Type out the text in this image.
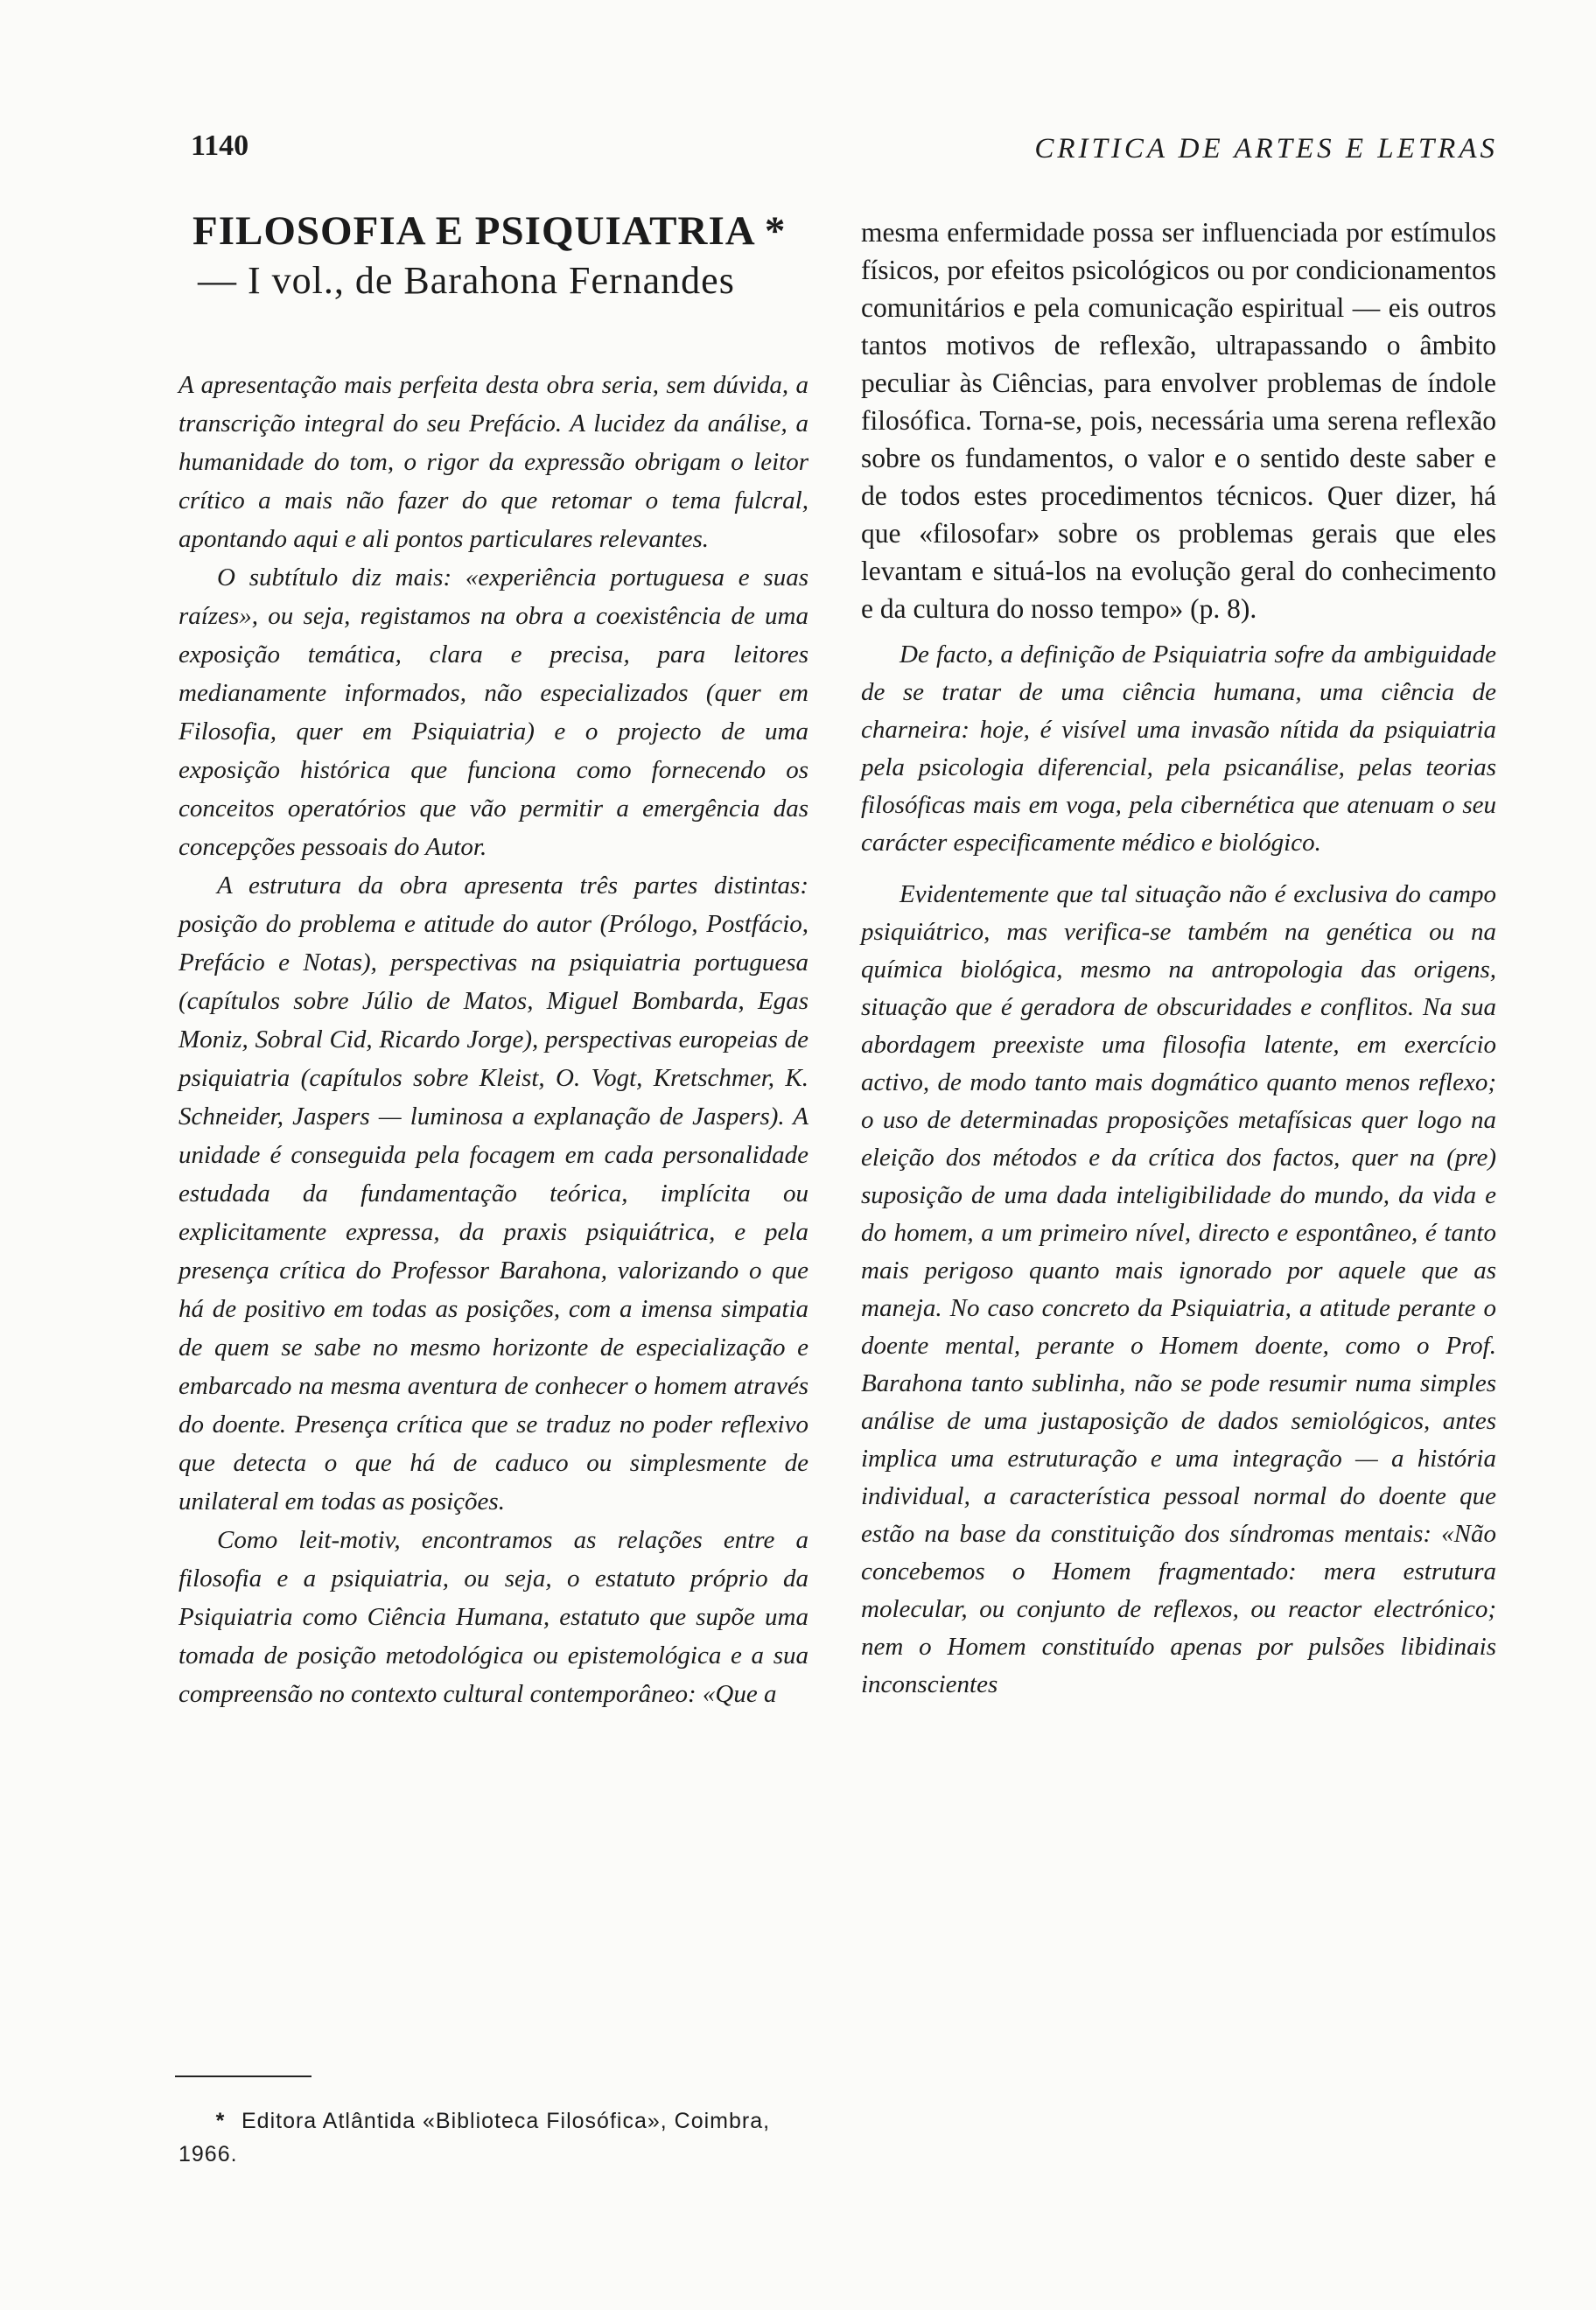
1140	CRITICA DE ARTES E LETRAS
FILOSOFIA E PSIQUIATRIA *
— I vol., de Barahona Fernandes

A apresentação mais perfeita desta obra seria, sem dúvida, a transcrição integral do seu Prefácio. A lucidez da análise, a humanidade do tom, o rigor da expressão obrigam o leitor crítico a mais não fazer do que retomar o tema fulcral, apontando aqui e ali pontos particulares relevantes.

O subtítulo diz mais: «experiência portuguesa e suas raízes», ou seja, registamos na obra a coexistência de uma exposição temática, clara e precisa, para leitores medianamente informados, não especializados (quer em Filosofia, quer em Psiquiatria) e o projecto de uma exposição histórica que funciona como fornecendo os conceitos operatórios que vão permitir a emergência das concepções pessoais do Autor.

A estrutura da obra apresenta três partes distintas: posição do problema e atitude do autor (Prólogo, Postfácio, Prefácio e Notas), perspectivas na psiquiatria portuguesa (capítulos sobre Júlio de Matos, Miguel Bombarda, Egas Moniz, Sobral Cid, Ricardo Jorge), perspectivas europeias de psiquiatria (capítulos sobre Kleist, O. Vogt, Kretschmer, K. Schneider, Jaspers — luminosa a explanação de Jaspers). A unidade é conseguida pela focagem em cada personalidade estudada da fundamentação teórica, implícita ou explicitamente expressa, da praxis psiquiátrica, e pela presença crítica do Professor Barahona, valorizando o que há de positivo em todas as posições, com a imensa simpatia de quem se sabe no mesmo horizonte de especialização e embarcado na mesma aventura de conhecer o homem através do doente. Presença crítica que se traduz no poder reflexivo que detecta o que há de caduco ou simplesmente de unilateral em todas as posições.

Como leit-motiv, encontramos as relações entre a filosofia e a psiquiatria, ou seja, o estatuto próprio da Psiquiatria como Ciência Humana, estatuto que supõe uma tomada de posição metodológica ou epistemológica e a sua compreensão no contexto cultural contemporâneo: «Que a

mesma enfermidade possa ser influenciada por estímulos físicos, por efeitos psicológicos ou por condicionamentos comunitários e pela comunicação espiritual — eis outros tantos motivos de reflexão, ultrapassando o âmbito peculiar às Ciências, para envolver problemas de índole filosófica. Torna-se, pois, necessária uma serena reflexão sobre os fundamentos, o valor e o sentido deste saber e de todos estes procedimentos técnicos. Quer dizer, há que «filosofar» sobre os problemas gerais que eles levantam e situá-los na evolução geral do conhecimento e da cultura do nosso tempo» (p. 8).

De facto, a definição de Psiquiatria sofre da ambiguidade de se tratar de uma ciência humana, uma ciência de charneira: hoje, é visível uma invasão nítida da psiquiatria pela psicologia diferencial, pela psicanálise, pelas teorias filosóficas mais em voga, pela cibernética que atenuam o seu carácter especificamente médico e biológico.

Evidentemente que tal situação não é exclusiva do campo psiquiátrico, mas verifica-se também na genética ou na química biológica, mesmo na antropologia das origens, situação que é geradora de obscuridades e conflitos. Na sua abordagem preexiste uma filosofia latente, em exercício activo, de modo tanto mais dogmático quanto menos reflexo; o uso de determinadas proposições metafísicas quer logo na eleição dos métodos e da crítica dos factos, quer na (pre) suposição de uma dada inteligibilidade do mundo, da vida e do homem, a um primeiro nível, directo e espontâneo, é tanto mais perigoso quanto mais ignorado por aquele que as maneja. No caso concreto da Psiquiatria, a atitude perante o doente mental, perante o Homem doente, como o Prof. Barahona tanto sublinha, não se pode resumir numa simples análise de uma justaposição de dados semiológicos, antes implica uma estruturação e uma integração — a história individual, a característica pessoal normal do doente que estão na base da constituição dos síndromas mentais: «Não concebemos o Homem fragmentado: mera estrutura molecular, ou conjunto de reflexos, ou reactor electrónico; nem o Homem constituído apenas por pulsões libidinais inconscientes

* Editora Atlântida «Biblioteca Filosófica», Coimbra, 1966.
